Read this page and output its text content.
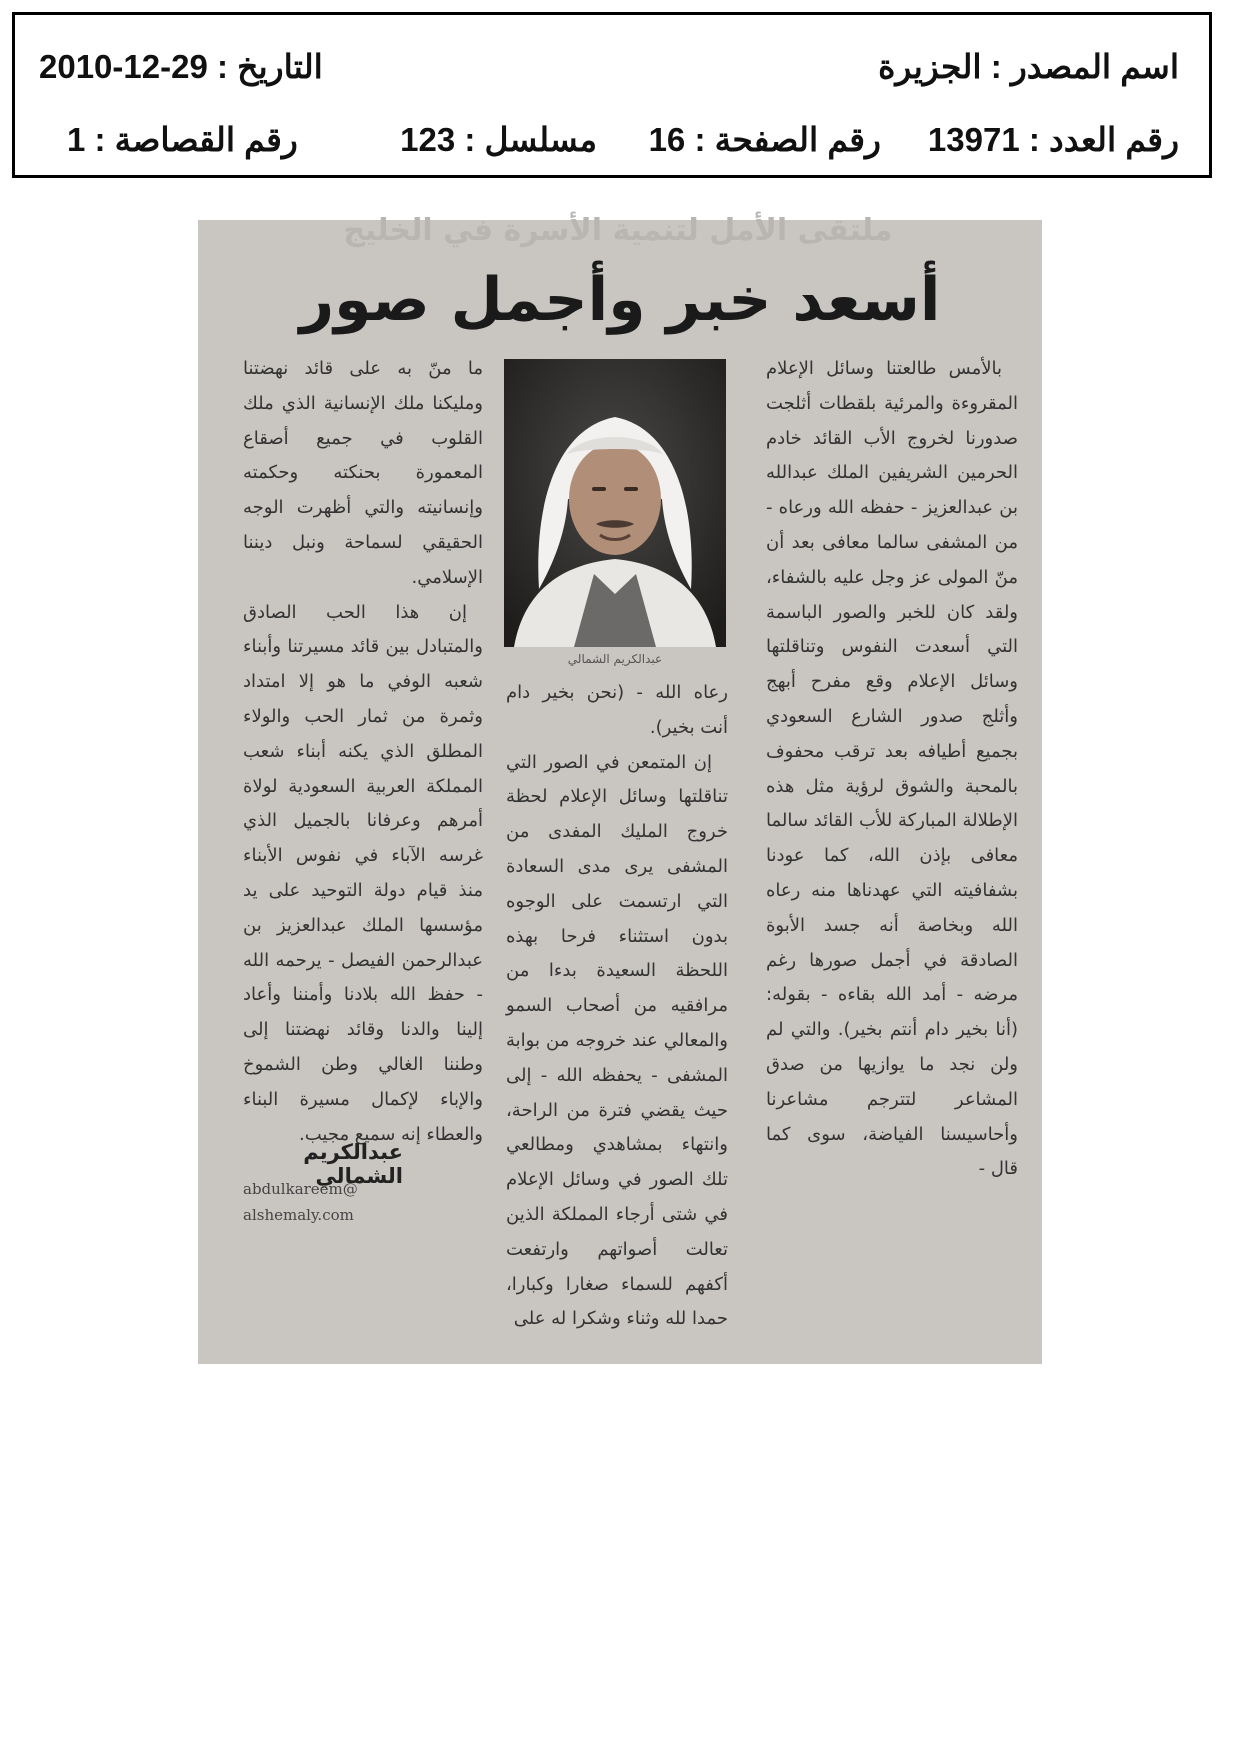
اسم المصدر : الجزيرة
التاريخ : 29-12-2010
رقم العدد : 13971
رقم الصفحة : 16
مسلسل : 123
رقم القصاصة : 1
ملتقى الأمل لتنمية الأسرة في الخليج
أسعد خبر وأجمل صور

بالأمس طالعتنا وسائل الإعلام المقروءة والمرئية بلقطات أثلجت صدورنا لخروج الأب القائد خادم الحرمين الشريفين الملك عبدالله بن عبدالعزيز - حفظه الله ورعاه - من المشفى سالما معافى بعد أن منّ المولى عز وجل عليه بالشفاء، ولقد كان للخبر والصور الباسمة التي أسعدت النفوس وتناقلتها وسائل الإعلام وقع مفرح أبهج وأثلج صدور الشارع السعودي بجميع أطيافه بعد ترقب محفوف بالمحبة والشوق لرؤية مثل هذه الإطلالة المباركة للأب القائد سالما معافى بإذن الله، كما عودنا بشفافيته التي عهدناها منه رعاه الله وبخاصة أنه جسد الأبوة الصادقة في أجمل صورها رغم مرضه - أمد الله بقاءه - بقوله: (أنا بخير دام أنتم بخير). والتي لم ولن نجد ما يوازيها من صدق المشاعر لتترجم مشاعرنا وأحاسيسنا الفياضة، سوى كما قال -

عبدالكريم الشمالي

رعاه الله - (نحن بخير دام أنت بخير).

إن المتمعن في الصور التي تناقلتها وسائل الإعلام لحظة خروج المليك المفدى من المشفى يرى مدى السعادة التي ارتسمت على الوجوه بدون استثناء فرحا بهذه اللحظة السعيدة بدءا من مرافقيه من أصحاب السمو والمعالي عند خروجه من بوابة المشفى - يحفظه الله - إلى حيث يقضي فترة من الراحة، وانتهاء بمشاهدي ومطالعي تلك الصور في وسائل الإعلام في شتى أرجاء المملكة الذين تعالت أصواتهم وارتفعت أكفهم للسماء صغارا وكبارا، حمدا لله وثناء وشكرا له على

ما منّ به على قائد نهضتنا ومليكنا ملك الإنسانية الذي ملك القلوب في جميع أصقاع المعمورة بحنكته وحكمته وإنسانيته والتي أظهرت الوجه الحقيقي لسماحة ونبل ديننا الإسلامي.

إن هذا الحب الصادق والمتبادل بين قائد مسيرتنا وأبناء شعبه الوفي ما هو إلا امتداد وثمرة من ثمار الحب والولاء المطلق الذي يكنه أبناء شعب المملكة العربية السعودية لولاة أمرهم وعرفانا بالجميل الذي غرسه الآباء في نفوس الأبناء منذ قيام دولة التوحيد على يد مؤسسها الملك عبدالعزيز بن عبدالرحمن الفيصل - يرحمه الله - حفظ الله بلادنا وأمننا وأعاد إلينا والدنا وقائد نهضتنا إلى وطننا الغالي وطن الشموخ والإباء لإكمال مسيرة البناء والعطاء إنه سميع مجيب.

عبدالكريم الشمالي
abdulkareem@
alshemaly.com
